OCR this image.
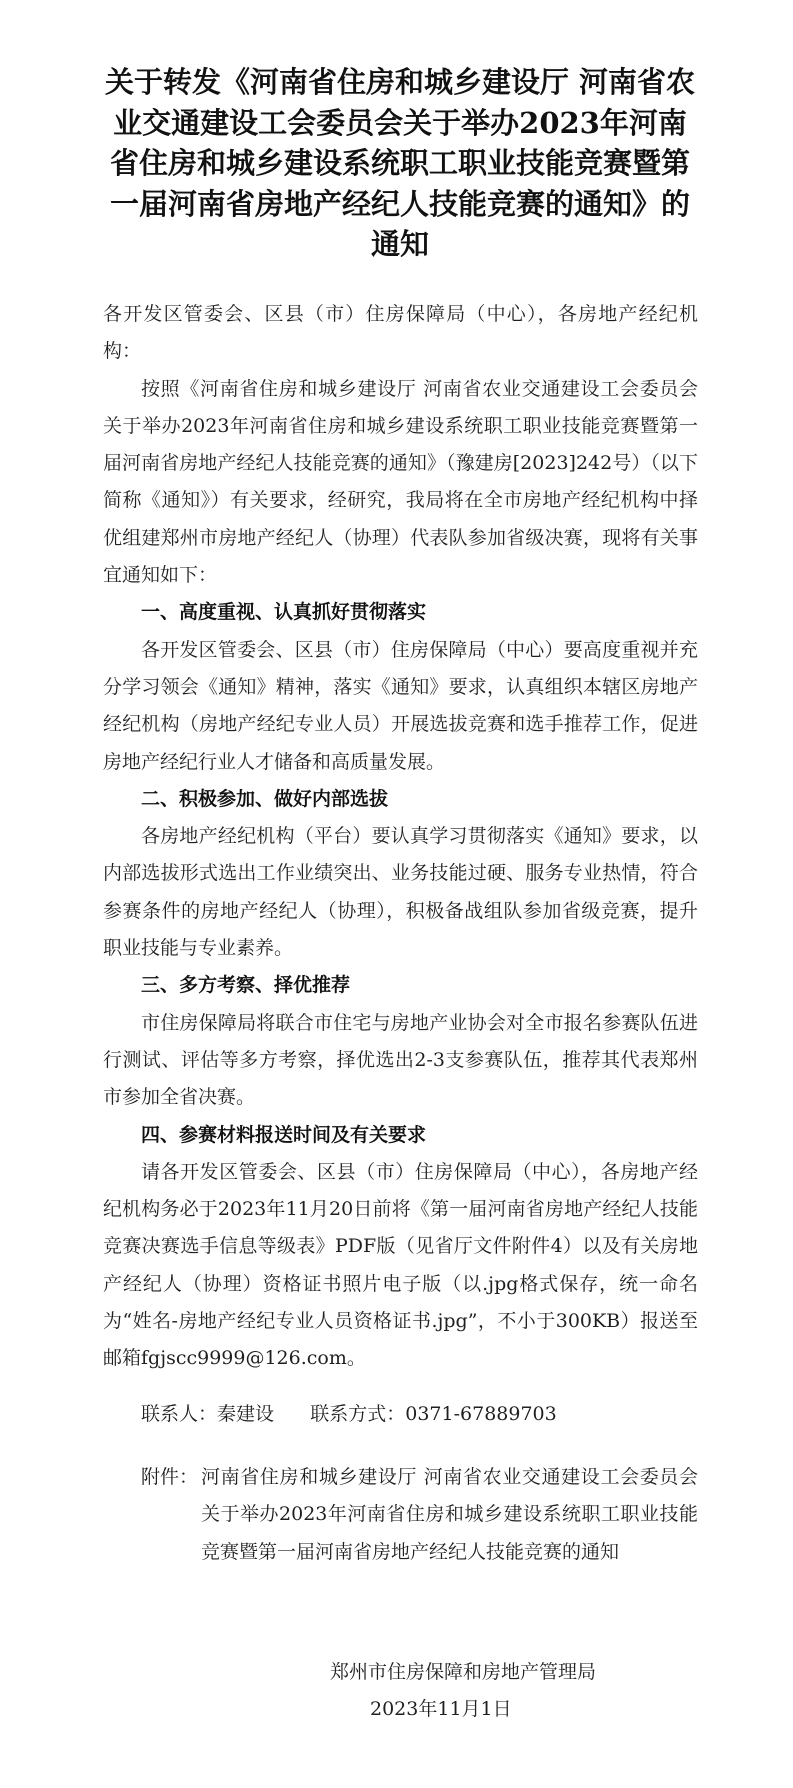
关于转发《河南省住房和城乡建设厅 河南省农业交通建设工会委员会关于举办2023年河南省住房和城乡建设系统职工职业技能竞赛暨第一届河南省房地产经纪人技能竞赛的通知》的通知

各开发区管委会、区县（市）住房保障局（中心），各房地产经纪机构：

按照《河南省住房和城乡建设厅 河南省农业交通建设工会委员会关于举办2023年河南省住房和城乡建设系统职工职业技能竞赛暨第一届河南省房地产经纪人技能竞赛的通知》（豫建房[2023]242号）（以下简称《通知》）有关要求，经研究，我局将在全市房地产经纪机构中择优组建郑州市房地产经纪人（协理）代表队参加省级决赛，现将有关事宜通知如下：

一、高度重视、认真抓好贯彻落实

各开发区管委会、区县（市）住房保障局（中心）要高度重视并充分学习领会《通知》精神，落实《通知》要求，认真组织本辖区房地产经纪机构（房地产经纪专业人员）开展选拔竞赛和选手推荐工作，促进房地产经纪行业人才储备和高质量发展。

二、积极参加、做好内部选拔

各房地产经纪机构（平台）要认真学习贯彻落实《通知》要求，以内部选拔形式选出工作业绩突出、业务技能过硬、服务专业热情，符合参赛条件的房地产经纪人（协理），积极备战组队参加省级竞赛，提升职业技能与专业素养。

三、多方考察、择优推荐

市住房保障局将联合市住宅与房地产业协会对全市报名参赛队伍进行测试、评估等多方考察，择优选出2-3支参赛队伍，推荐其代表郑州市参加全省决赛。

四、参赛材料报送时间及有关要求

请各开发区管委会、区县（市）住房保障局（中心），各房地产经纪机构务必于2023年11月20日前将《第一届河南省房地产经纪人技能竞赛决赛选手信息等级表》PDF版（见省厅文件附件4）以及有关房地产经纪人（协理）资格证书照片电子版（以.jpg格式保存，统一命名为“姓名-房地产经纪专业人员资格证书.jpg”，不小于300KB）报送至邮箱fgjscc9999@126.com。

联系人：秦建设      联系方式：0371-67889703

附件： 河南省住房和城乡建设厅 河南省农业交通建设工会委员会关于举办2023年河南省住房和城乡建设系统职工职业技能竞赛暨第一届河南省房地产经纪人技能竞赛的通知
郑州市住房保障和房地产管理局
2023年11月1日
